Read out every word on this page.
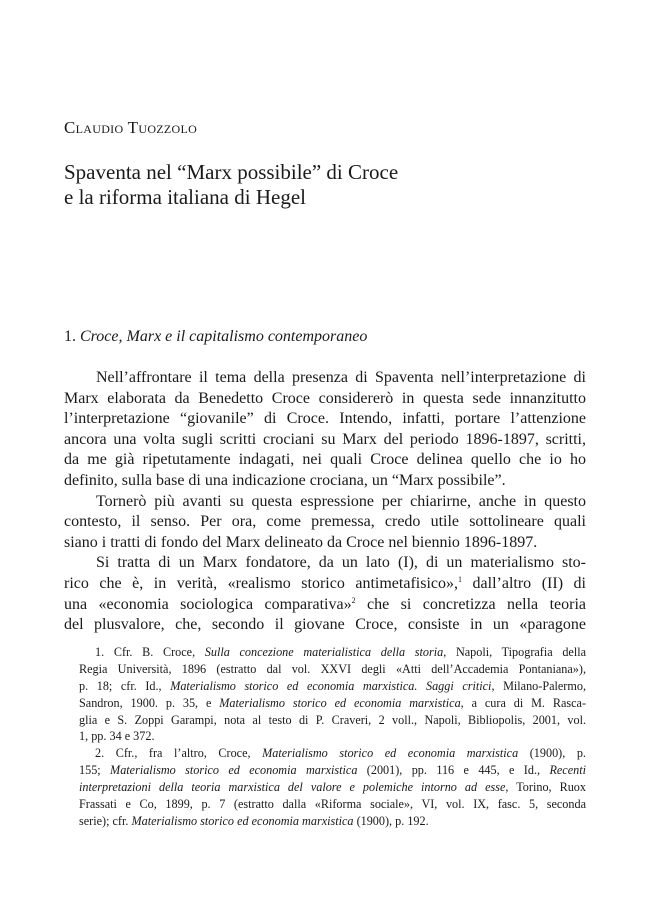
Claudio Tuozzolo
Spaventa nel “Marx possibile” di Croce
e la riforma italiana di Hegel
1. Croce, Marx e il capitalismo contemporaneo
Nell’affrontare il tema della presenza di Spaventa nell’interpretazione di
Marx elaborata da Benedetto Croce considererò in questa sede innanzitutto
l’interpretazione “giovanile” di Croce. Intendo, infatti, portare l’attenzione
ancora una volta sugli scritti crociani su Marx del periodo 1896-1897, scritti,
da me già ripetutamente indagati, nei quali Croce delinea quello che io ho
definito, sulla base di una indicazione crociana, un “Marx possibile”.
Tornerò più avanti su questa espressione per chiarirne, anche in questo
contesto, il senso. Per ora, come premessa, credo utile sottolineare quali
siano i tratti di fondo del Marx delineato da Croce nel biennio 1896-1897.
Si tratta di un Marx fondatore, da un lato (I), di un materialismo sto-
rico che è, in verità, «realismo storico antimetafisico»,$^1$ dall’altro (II) di
una «economia sociologica comparativa»$^2$ che si concretizza nella teoria
del plusvalore, che, secondo il giovane Croce, consiste in un «paragone
1. Cfr. B. Croce, Sulla concezione materialistica della storia, Napoli, Tipografia della
Regia Università, 1896 (estratto dal vol. XXVI degli «Atti dell’Accademia Pontaniana»),
p. 18; cfr. Id., Materialismo storico ed economia marxistica. Saggi critici, Milano-Palermo,
Sandron, 1900. p. 35, e Materialismo storico ed economia marxistica, a cura di M. Rasca-
glia e S. Zoppi Garampi, nota al testo di P. Craveri, 2 voll., Napoli, Bibliopolis, 2001, vol.
1, pp. 34 e 372.
2. Cfr., fra l’altro, Croce, Materialismo storico ed economia marxistica (1900), p.
155; Materialismo storico ed economia marxistica (2001), pp. 116 e 445, e Id., Recenti
interpretazioni della teoria marxistica del valore e polemiche intorno ad esse, Torino, Ruox
Frassati e Co, 1899, p. 7 (estratto dalla «Riforma sociale», VI, vol. IX, fasc. 5, seconda
serie); cfr. Materialismo storico ed economia marxistica (1900), p. 192.
